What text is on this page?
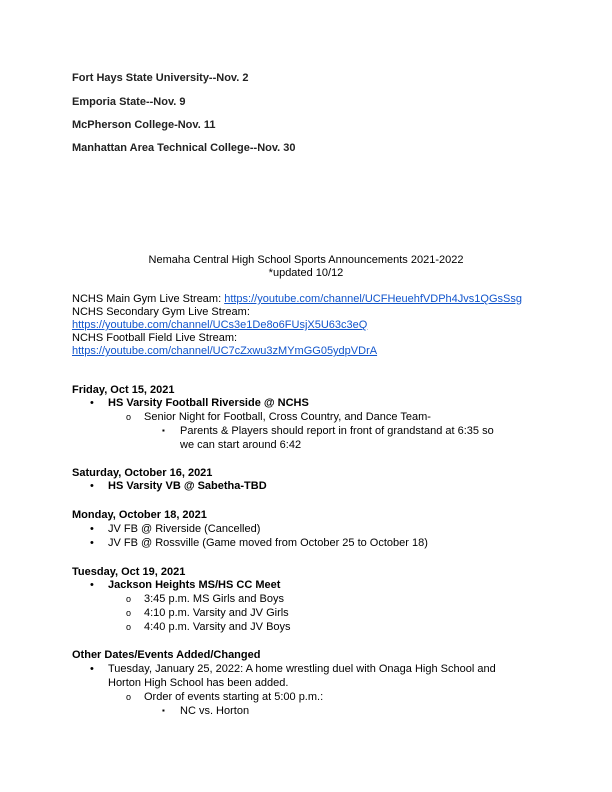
Fort Hays State University--Nov. 2
Emporia State--Nov. 9
McPherson College-Nov. 11
Manhattan Area Technical College--Nov. 30
Nemaha Central High School Sports Announcements 2021-2022
*updated 10/12
NCHS Main Gym Live Stream: https://youtube.com/channel/UCFHeuehfVDPh4Jvs1QGsSsg
NCHS Secondary Gym Live Stream:
https://youtube.com/channel/UCs3e1De8o6FUsjX5U63c3eQ
NCHS Football Field Live Stream:
https://youtube.com/channel/UC7cZxwu3zMYmGG05ydpVDrA
Friday, Oct 15, 2021
• HS Varsity Football Riverside @ NCHS
o Senior Night for Football, Cross Country, and Dance Team-
▪ Parents & Players should report in front of grandstand at 6:35 so
we can start around 6:42
Saturday, October 16, 2021
• HS Varsity VB @ Sabetha-TBD
Monday, October 18, 2021
• JV FB @ Riverside (Cancelled)
• JV FB @ Rossville (Game moved from October 25 to October 18)
Tuesday, Oct 19, 2021
• Jackson Heights MS/HS CC Meet
o 3:45 p.m. MS Girls and Boys
o 4:10 p.m. Varsity and JV Girls
o 4:40 p.m. Varsity and JV Boys
Other Dates/Events Added/Changed
• Tuesday, January 25, 2022: A home wrestling duel with Onaga High School and
Horton High School has been added.
o Order of events starting at 5:00 p.m.:
▪ NC vs. Horton
